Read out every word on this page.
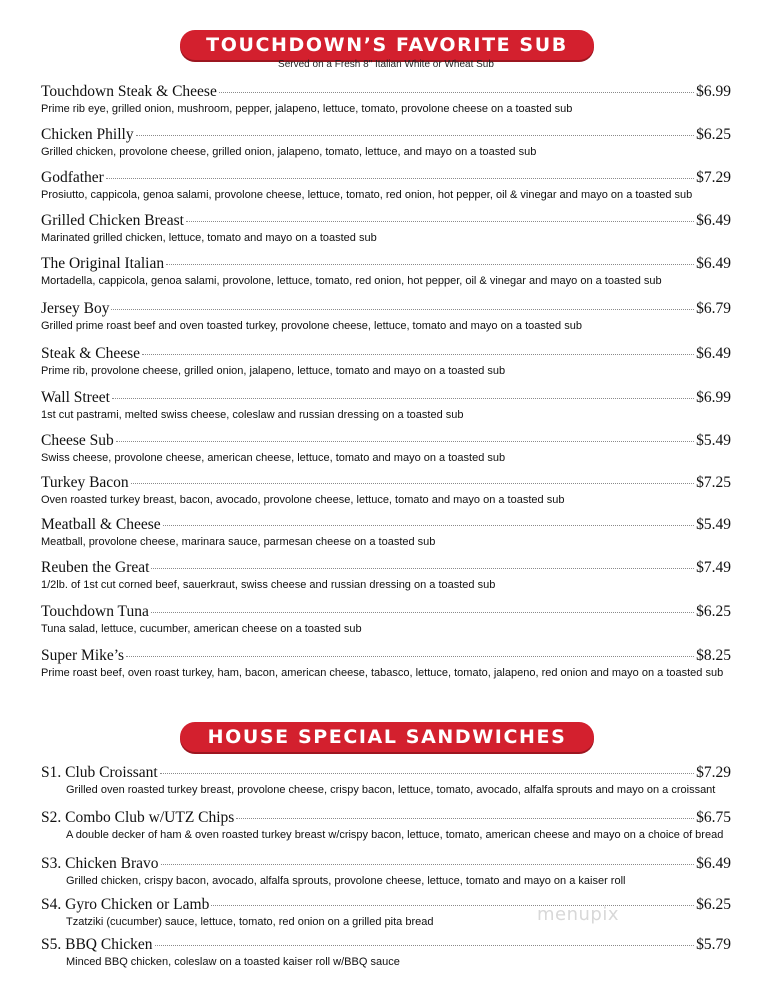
TOUCHDOWN’S FAVORITE SUB
Served on a Fresh 8" Italian White or Wheat Sub
Touchdown Steak & Cheese	$6.99
Prime rib eye, grilled onion, mushroom, pepper, jalapeno, lettuce, tomato, provolone cheese on a toasted sub
Chicken Philly	$6.25
Grilled chicken, provolone cheese, grilled onion, jalapeno, tomato, lettuce, and mayo on a toasted sub
Godfather	$7.29
Prosiutto, cappicola, genoa salami, provolone cheese, lettuce, tomato, red onion, hot pepper, oil & vinegar and mayo on a toasted sub
Grilled Chicken Breast	$6.49
Marinated grilled chicken, lettuce, tomato and mayo on a toasted sub
The Original Italian	$6.49
Mortadella, cappicola, genoa salami, provolone, lettuce, tomato, red onion, hot pepper, oil & vinegar and mayo on a toasted sub
Jersey Boy	$6.79
Grilled prime roast beef and oven toasted turkey, provolone cheese, lettuce, tomato and mayo on a toasted sub
Steak & Cheese	$6.49
Prime rib, provolone cheese, grilled onion, jalapeno, lettuce, tomato and mayo on a toasted sub
Wall Street	$6.99
1st cut pastrami, melted swiss cheese, coleslaw and russian dressing on a toasted sub
Cheese Sub	$5.49
Swiss cheese, provolone cheese, american cheese, lettuce, tomato and mayo on a toasted sub
Turkey Bacon	$7.25
Oven roasted turkey breast, bacon, avocado, provolone cheese, lettuce, tomato and mayo on a toasted sub
Meatball & Cheese	$5.49
Meatball, provolone cheese, marinara sauce, parmesan cheese on a toasted sub
Reuben the Great	$7.49
1/2lb. of 1st cut corned beef, sauerkraut, swiss cheese and russian dressing on a toasted sub
Touchdown Tuna	$6.25
Tuna salad, lettuce, cucumber, american cheese on a toasted sub
Super Mike’s	$8.25
Prime roast beef, oven roast turkey, ham, bacon, american cheese, tabasco, lettuce, tomato, jalapeno, red onion and mayo on a toasted sub
HOUSE SPECIAL SANDWICHES
S1. Club Croissant	$7.29
Grilled oven roasted turkey breast, provolone cheese, crispy bacon, lettuce, tomato, avocado, alfalfa sprouts and mayo on a croissant
S2. Combo Club w/UTZ Chips	$6.75
A double decker of ham & oven roasted turkey breast w/crispy bacon, lettuce, tomato, american cheese and mayo on a choice of bread
S3. Chicken Bravo	$6.49
Grilled chicken, crispy bacon, avocado, alfalfa sprouts, provolone cheese, lettuce, tomato and mayo on a kaiser roll
S4. Gyro Chicken or Lamb	$6.25
Tzatziki (cucumber) sauce, lettuce, tomato, red onion on a grilled pita bread
S5. BBQ Chicken	$5.79
Minced BBQ chicken, coleslaw on a toasted kaiser roll w/BBQ sauce
menupix
